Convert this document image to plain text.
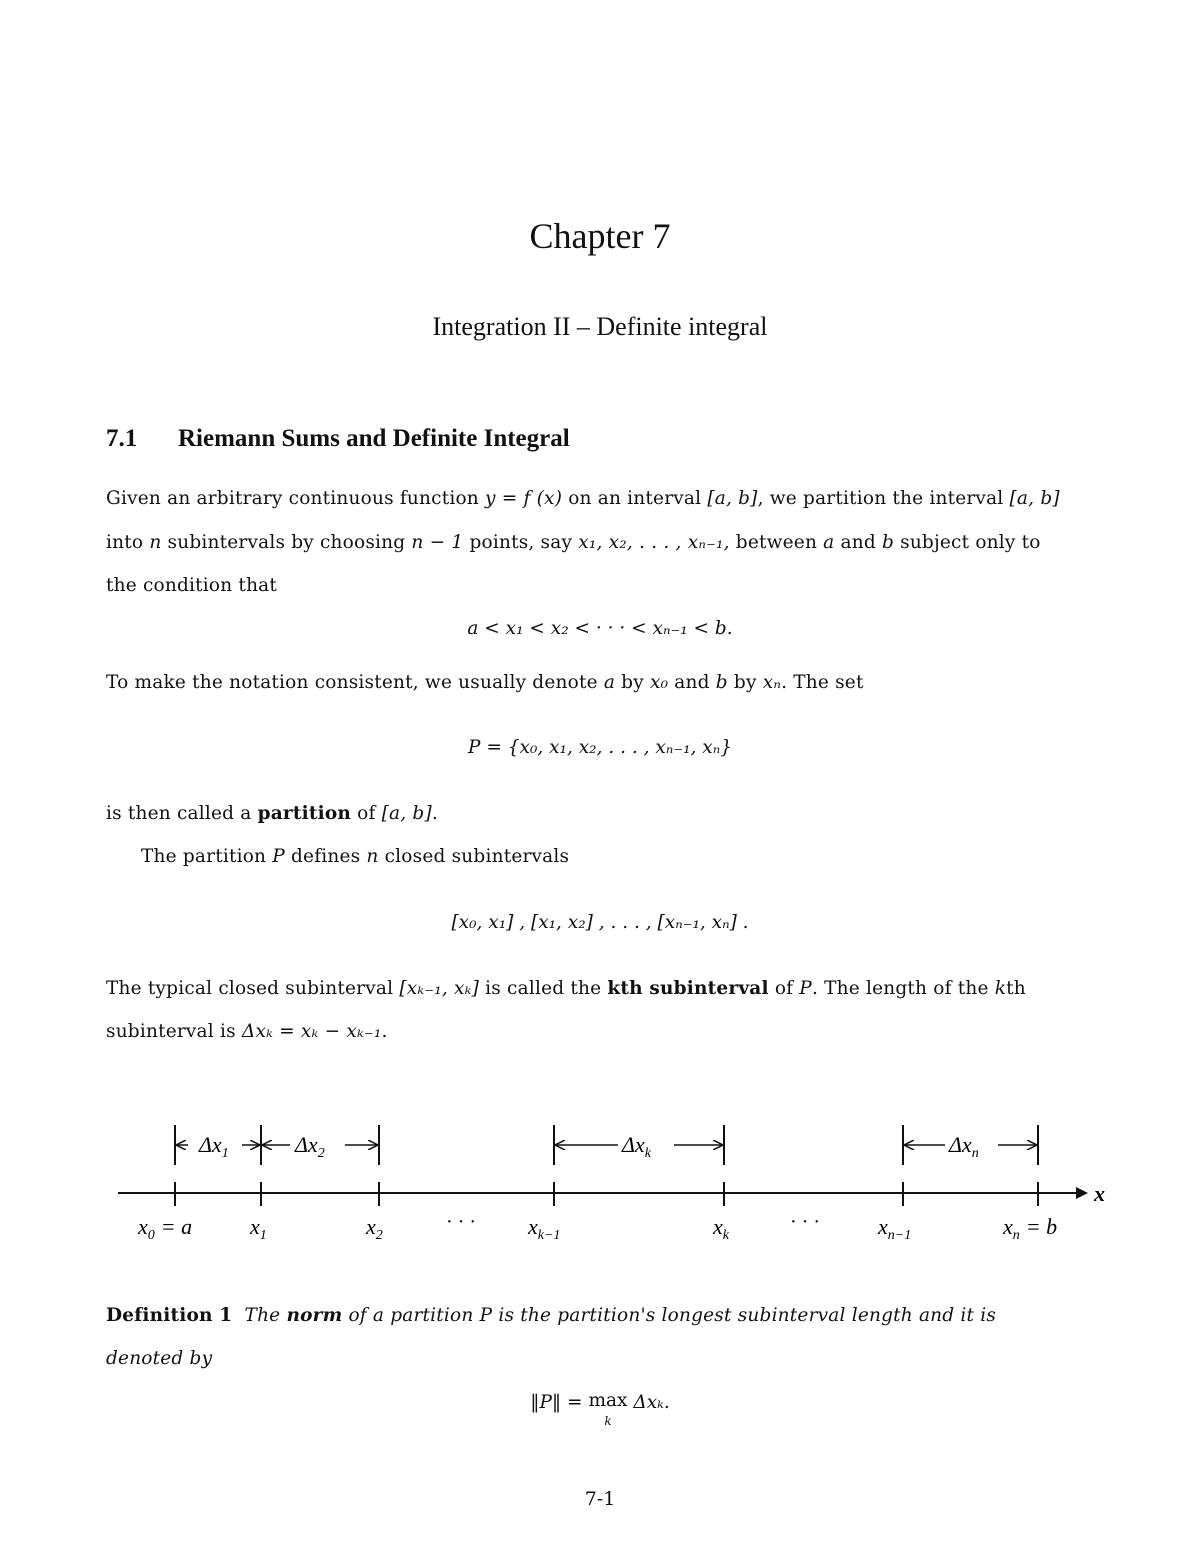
Chapter 7
Integration II – Definite integral
7.1 Riemann Sums and Definite Integral
Given an arbitrary continuous function y = f (x) on an interval [a, b], we partition the interval [a, b]
into n subintervals by choosing n − 1 points, say x₁, x₂, . . . , xₙ₋₁, between a and b subject only to
the condition that
a < x₁ < x₂ < · · · < xₙ₋₁ < b.
To make the notation consistent, we usually denote a by x₀ and b by xₙ. The set
P = {x₀, x₁, x₂, . . . , xₙ₋₁, xₙ}
is then called a partition of [a, b].
The partition P defines n closed subintervals
[x₀, x₁] , [x₁, x₂] , . . . , [xₙ₋₁, xₙ] .
The typical closed subinterval [xₖ₋₁, xₖ] is called the kth subinterval of P. The length of the kth
subinterval is Δxₖ = xₖ − xₖ₋₁.
x
$\Delta x_1$	$\Delta x_2$	$\Delta x_k$	$\Delta x_n$
$x_0 = a$	$x_1$	$x_2$	$x_{k-1}$	$x_k$	$x_{n-1}$	$x_n = b$
· · ·	· · ·
Definition 1 The norm of a partition P is the partition's longest subinterval length and it is
denoted by
‖P‖ = max
k Δxₖ.
7-1
